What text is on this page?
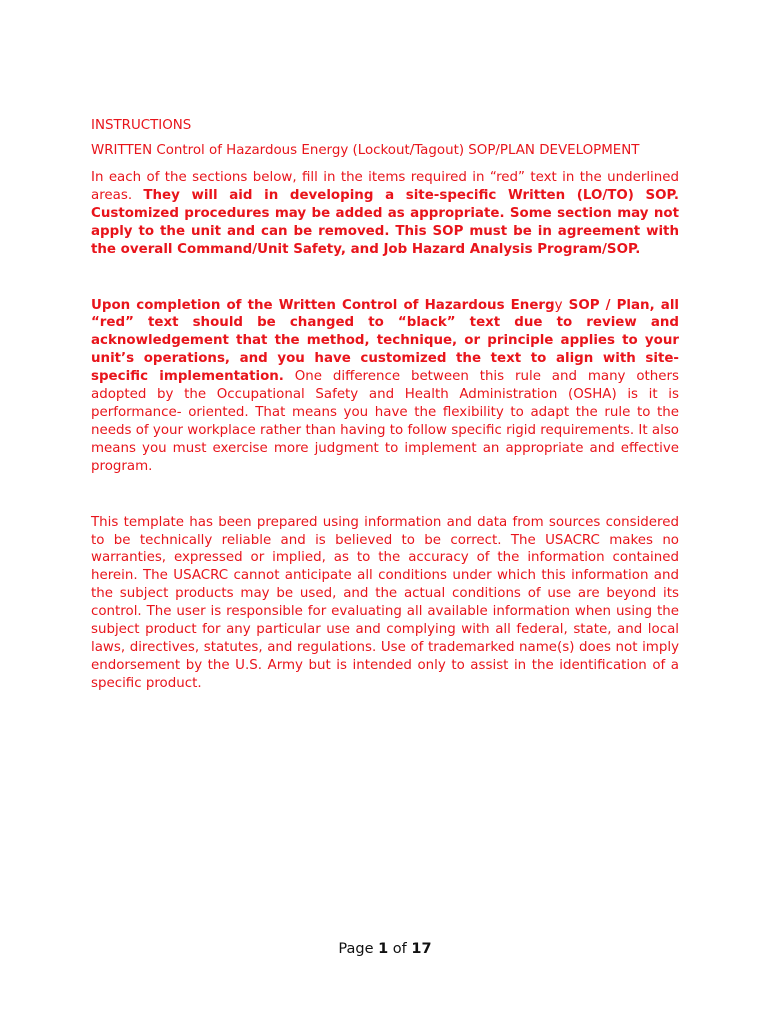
INSTRUCTIONS

WRITTEN Control of Hazardous Energy (Lockout/Tagout) SOP/PLAN DEVELOPMENT

In each of the sections below, fill in the items required in “red” text in the underlined areas. They will aid in developing a site-specific Written (LO/TO) SOP. Customized procedures may be added as appropriate. Some section may not apply to the unit and can be removed. This SOP must be in agreement with the overall Command/Unit Safety, and Job Hazard Analysis Program/SOP.

Upon completion of the Written Control of Hazardous Energy SOP / Plan, all “red” text should be changed to “black” text due to review and acknowledgement that the method, technique, or principle applies to your unit’s operations, and you have customized the text to align with site-specific implementation. One difference between this rule and many others adopted by the Occupational Safety and Health Administration (OSHA) is it is performance- oriented. That means you have the flexibility to adapt the rule to the needs of your workplace rather than having to follow specific rigid requirements. It also means you must exercise more judgment to implement an appropriate and effective program.

This template has been prepared using information and data from sources considered to be technically reliable and is believed to be correct. The USACRC makes no warranties, expressed or implied, as to the accuracy of the information contained herein. The USACRC cannot anticipate all conditions under which this information and the subject products may be used, and the actual conditions of use are beyond its control. The user is responsible for evaluating all available information when using the subject product for any particular use and complying with all federal, state, and local laws, directives, statutes, and regulations. Use of trademarked name(s) does not imply endorsement by the U.S. Army but is intended only to assist in the identification of a specific product.

Page 1 of 17
